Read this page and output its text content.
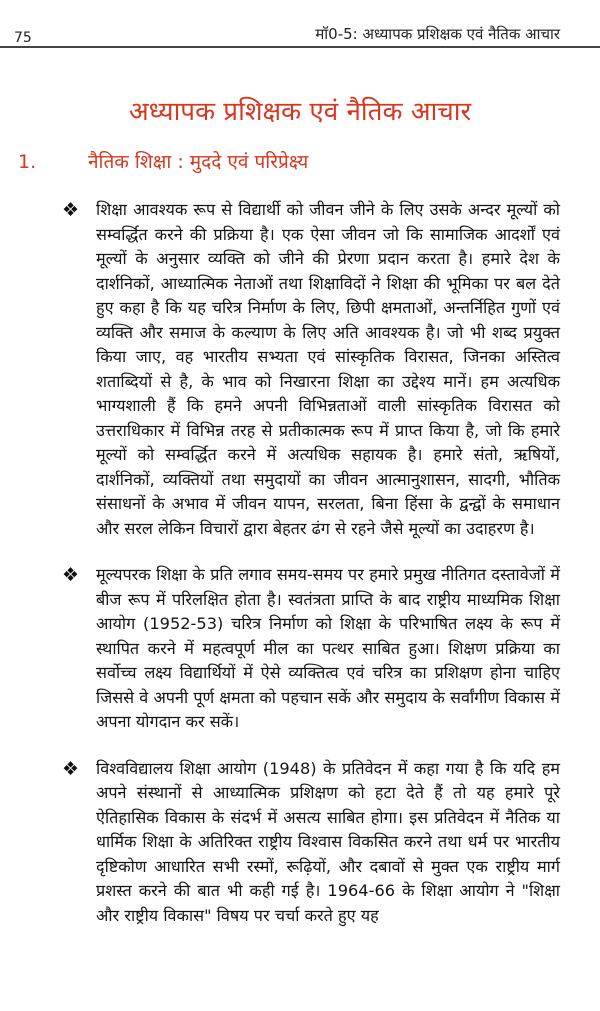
75	मॉ0-5: अध्यापक प्रशिक्षक एवं नैतिक आचार
अध्यापक प्रशिक्षक एवं नैतिक आचार
1.	नैतिक शिक्षा : मुददे एवं परिप्रेक्ष्य
❖	शिक्षा आवश्यक रूप से विद्यार्थी को जीवन जीने के लिए उसके अन्दर मूल्यों को सम्वर्द्धित करने की प्रक्रिया है। एक ऐसा जीवन जो कि सामाजिक आदर्शों एवं मूल्यों के अनुसार व्यक्ति को जीने की प्रेरणा प्रदान करता है। हमारे देश के दार्शनिकों, आध्यात्मिक नेताओं तथा शिक्षाविदों ने शिक्षा की भूमिका पर बल देते हुए कहा है कि यह चरित्र निर्माण के लिए, छिपी क्षमताओं, अन्तर्निहित गुणों एवं व्यक्ति और समाज के कल्याण के लिए अति आवश्यक है। जो भी शब्द प्रयुक्त किया जाए, वह भारतीय सभ्यता एवं सांस्कृतिक विरासत, जिनका अस्तित्व शताब्दियों से है, के भाव को निखारना शिक्षा का उद्देश्य मानें। हम अत्यधिक भाग्यशाली हैं कि हमने अपनी विभिन्नताओं वाली सांस्कृतिक विरासत को उत्तराधिकार में विभिन्न तरह से प्रतीकात्मक रूप में प्राप्त किया है, जो कि हमारे मूल्यों को सम्वर्द्धित करने में अत्यधिक सहायक है। हमारे संतो, ऋषियों, दार्शनिकों, व्यक्तियों तथा समुदायों का जीवन आत्मानुशासन, सादगी, भौतिक संसाधनों के अभाव में जीवन यापन, सरलता, बिना हिंसा के द्वन्द्वों के समाधान और सरल लेकिन विचारों द्वारा बेहतर ढंग से रहने जैसे मूल्यों का उदाहरण है।

❖	मूल्यपरक शिक्षा के प्रति लगाव समय-समय पर हमारे प्रमुख नीतिगत दस्तावेजों में बीज रूप में परिलक्षित होता है। स्वतंत्रता प्राप्ति के बाद राष्ट्रीय माध्यमिक शिक्षा आयोग (1952-53) चरित्र निर्माण को शिक्षा के परिभाषित लक्ष्य के रूप में स्थापित करने में महत्वपूर्ण मील का पत्थर साबित हुआ। शिक्षण प्रक्रिया का सर्वोच्च लक्ष्य विद्यार्थियों में ऐसे व्यक्तित्व एवं चरित्र का प्रशिक्षण होना चाहिए जिससे वे अपनी पूर्ण क्षमता को पहचान सकें और समुदाय के सर्वांगीण विकास में अपना योगदान कर सकें।

❖	विश्वविद्यालय शिक्षा आयोग (1948) के प्रतिवेदन में कहा गया है कि यदि हम अपने संस्थानों से आध्यात्मिक प्रशिक्षण को हटा देते हैं तो यह हमारे पूरे ऐतिहासिक विकास के संदर्भ में असत्य साबित होगा। इस प्रतिवेदन में नैतिक या धार्मिक शिक्षा के अतिरिक्त राष्ट्रीय विश्वास विकसित करने तथा धर्म पर भारतीय दृष्टिकोण आधारित सभी रस्मों, रूढ़ियों, और दबावों से मुक्त एक राष्ट्रीय मार्ग प्रशस्त करने की बात भी कही गई है। 1964-66 के शिक्षा आयोग ने "शिक्षा और राष्ट्रीय विकास" विषय पर चर्चा करते हुए यह
